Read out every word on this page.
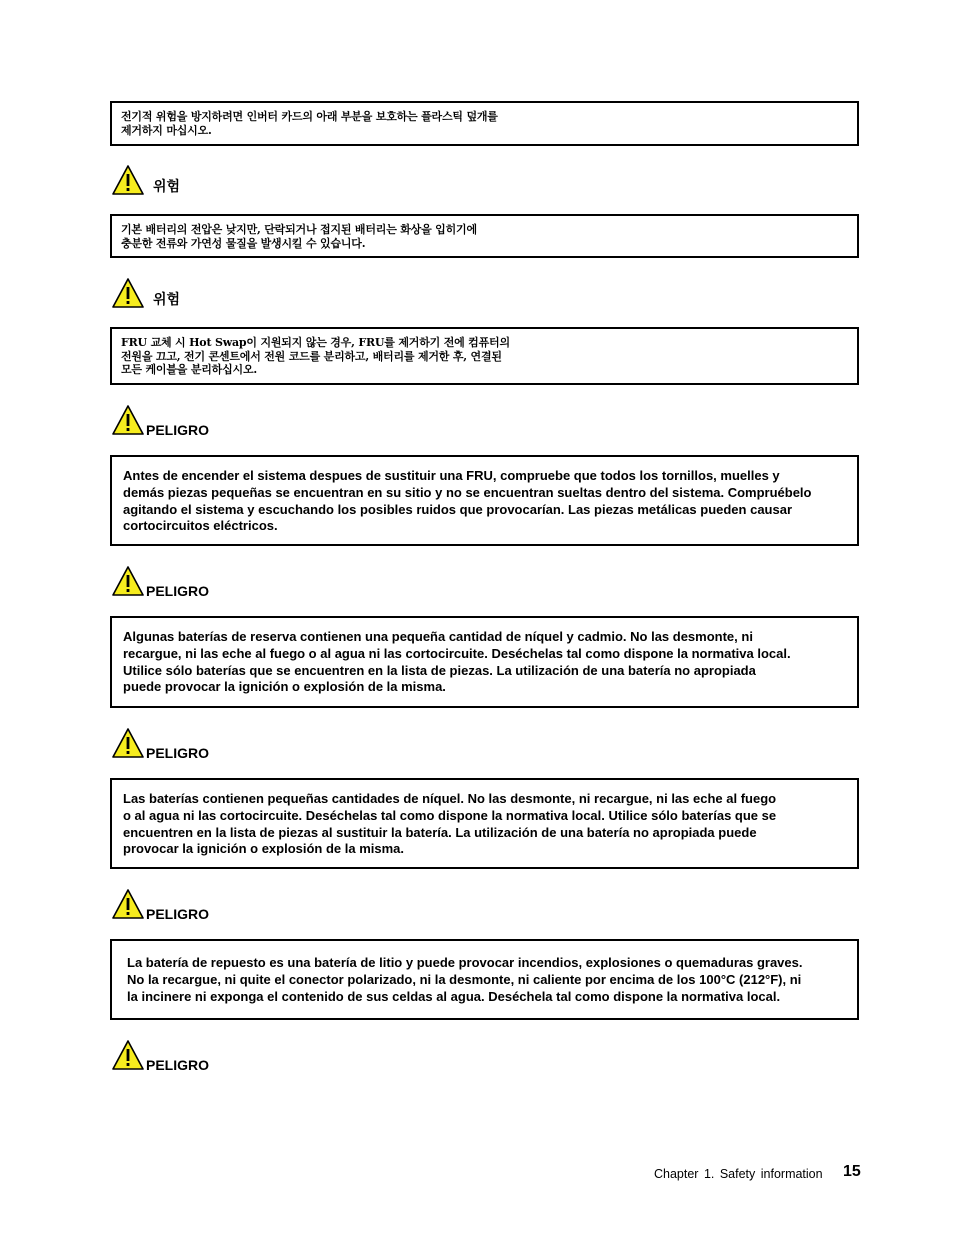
전기적 위험을 방지하려면 인버터 카드의 아래 부분을 보호하는 플라스틱 덮개를
제거하지 마십시오.
위험
기본 배터리의 전압은 낮지만, 단락되거나 접지된 배터리는 화상을 입히기에
충분한 전류와 가연성 물질을 발생시킬 수 있습니다.
위험
FRU 교체 시 Hot Swap이 지원되지 않는 경우, FRU를 제거하기 전에 컴퓨터의
전원을 끄고, 전기 콘센트에서 전원 코드를 분리하고, 배터리를 제거한 후, 연결된
모든 케이블을 분리하십시오.
PELIGRO
Antes de encender el sistema despues de sustituir una FRU, compruebe que todos los tornillos, muelles y
demás piezas pequeñas se encuentran en su sitio y no se encuentran sueltas dentro del sistema. Compruébelo
agitando el sistema y escuchando los posibles ruidos que provocarían. Las piezas metálicas pueden causar
cortocircuitos eléctricos.
PELIGRO
Algunas baterías de reserva contienen una pequeña cantidad de níquel y cadmio. No las desmonte, ni
recargue, ni las eche al fuego o al agua ni las cortocircuite. Deséchelas tal como dispone la normativa local.
Utilice sólo baterías que se encuentren en la lista de piezas. La utilización de una batería no apropiada
puede provocar la ignición o explosión de la misma.
PELIGRO
Las baterías contienen pequeñas cantidades de níquel. No las desmonte, ni recargue, ni las eche al fuego
o al agua ni las cortocircuite. Deséchelas tal como dispone la normativa local. Utilice sólo baterías que se
encuentren en la lista de piezas al sustituir la batería. La utilización de una batería no apropiada puede
provocar la ignición o explosión de la misma.
PELIGRO
La batería de repuesto es una batería de litio y puede provocar incendios, explosiones o quemaduras graves.
No la recargue, ni quite el conector polarizado, ni la desmonte, ni caliente por encima de los 100°C (212°F), ni
la incinere ni exponga el contenido de sus celdas al agua. Deséchela tal como dispone la normativa local.
PELIGRO
Chapter 1. Safety information 15
